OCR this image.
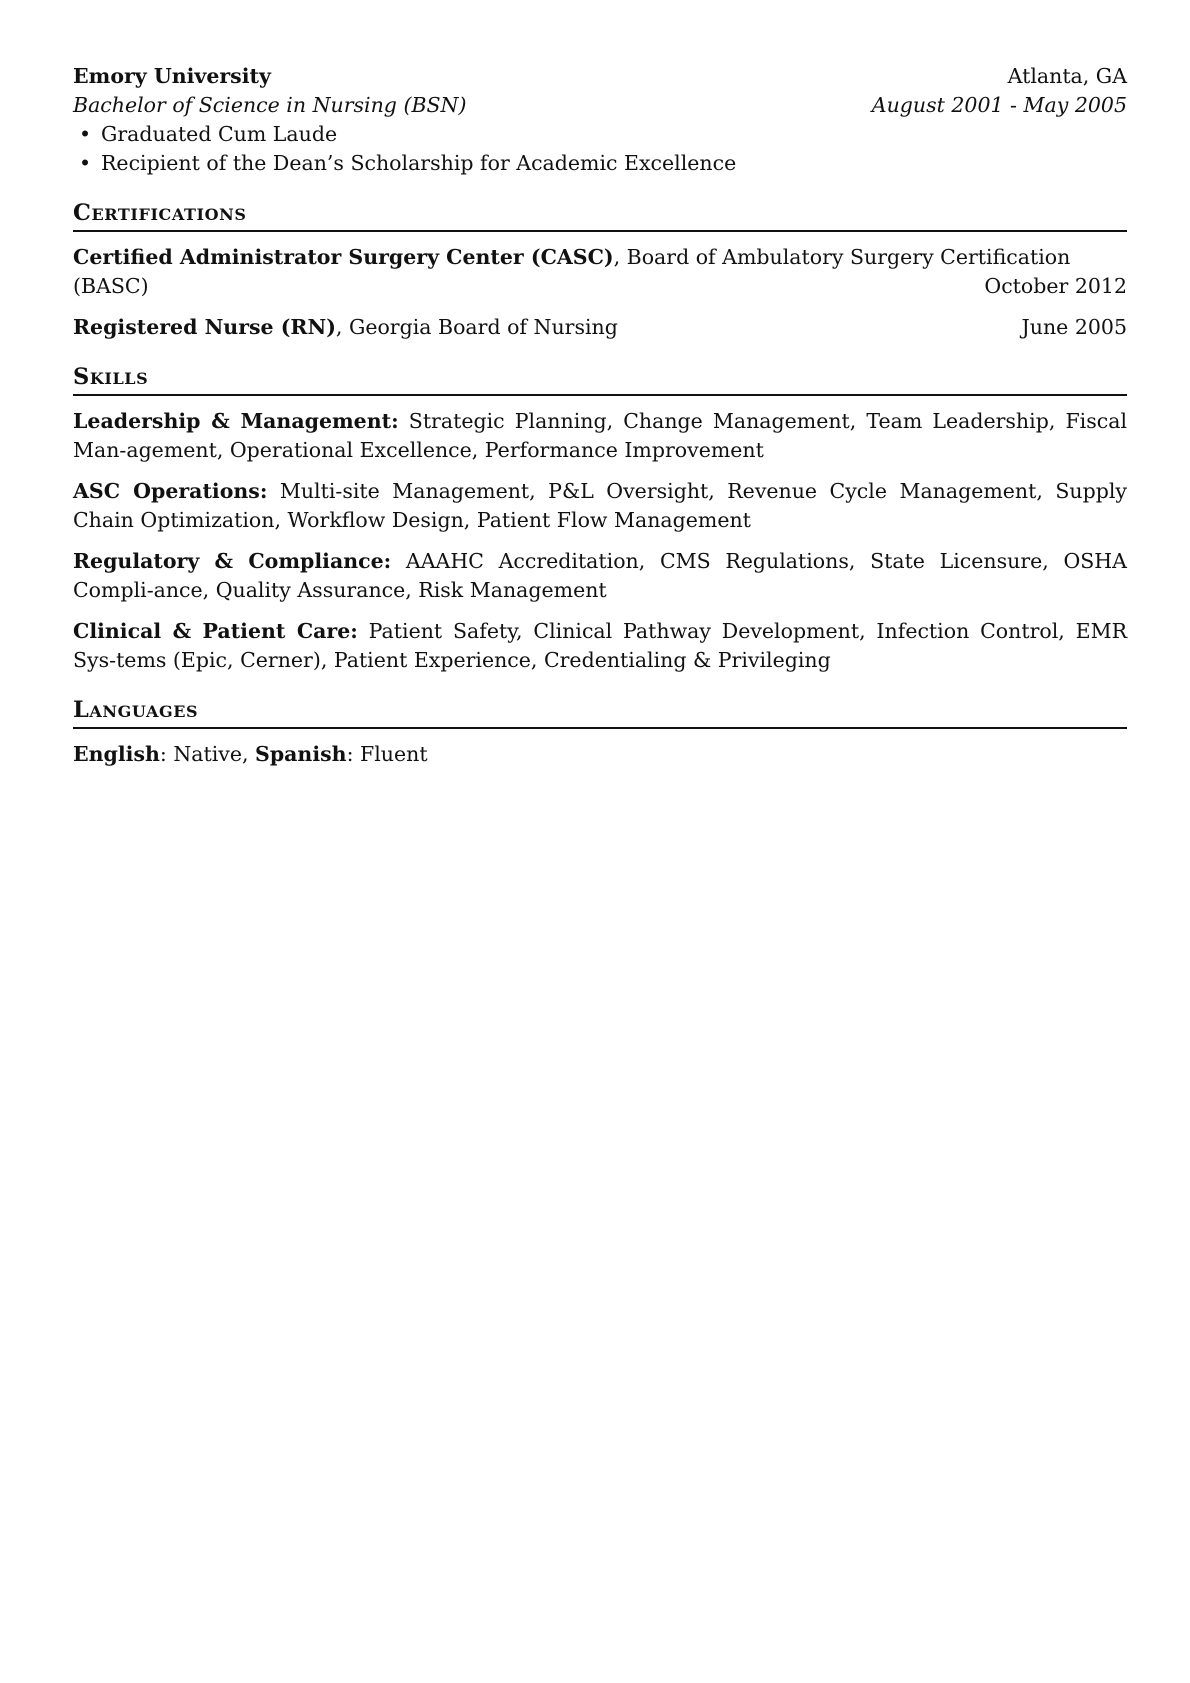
Emory University	Atlanta, GA
Bachelor of Science in Nursing (BSN)	August 2001 - May 2005
• Graduated Cum Laude
• Recipient of the Dean’s Scholarship for Academic Excellence
Certifications
Certified Administrator Surgery Center (CASC), Board of Ambulatory Surgery Certification
(BASC)	October 2012
Registered Nurse (RN), Georgia Board of Nursing	June 2005
Skills
Leadership & Management: Strategic Planning, Change Management, Team Leadership, Fiscal Man-agement, Operational Excellence, Performance Improvement
ASC Operations: Multi-site Management, P&L Oversight, Revenue Cycle Management, Supply Chain Optimization, Workflow Design, Patient Flow Management
Regulatory & Compliance: AAAHC Accreditation, CMS Regulations, State Licensure, OSHA Compli-ance, Quality Assurance, Risk Management
Clinical & Patient Care: Patient Safety, Clinical Pathway Development, Infection Control, EMR Sys-tems (Epic, Cerner), Patient Experience, Credentialing & Privileging
Languages
English: Native, Spanish: Fluent
